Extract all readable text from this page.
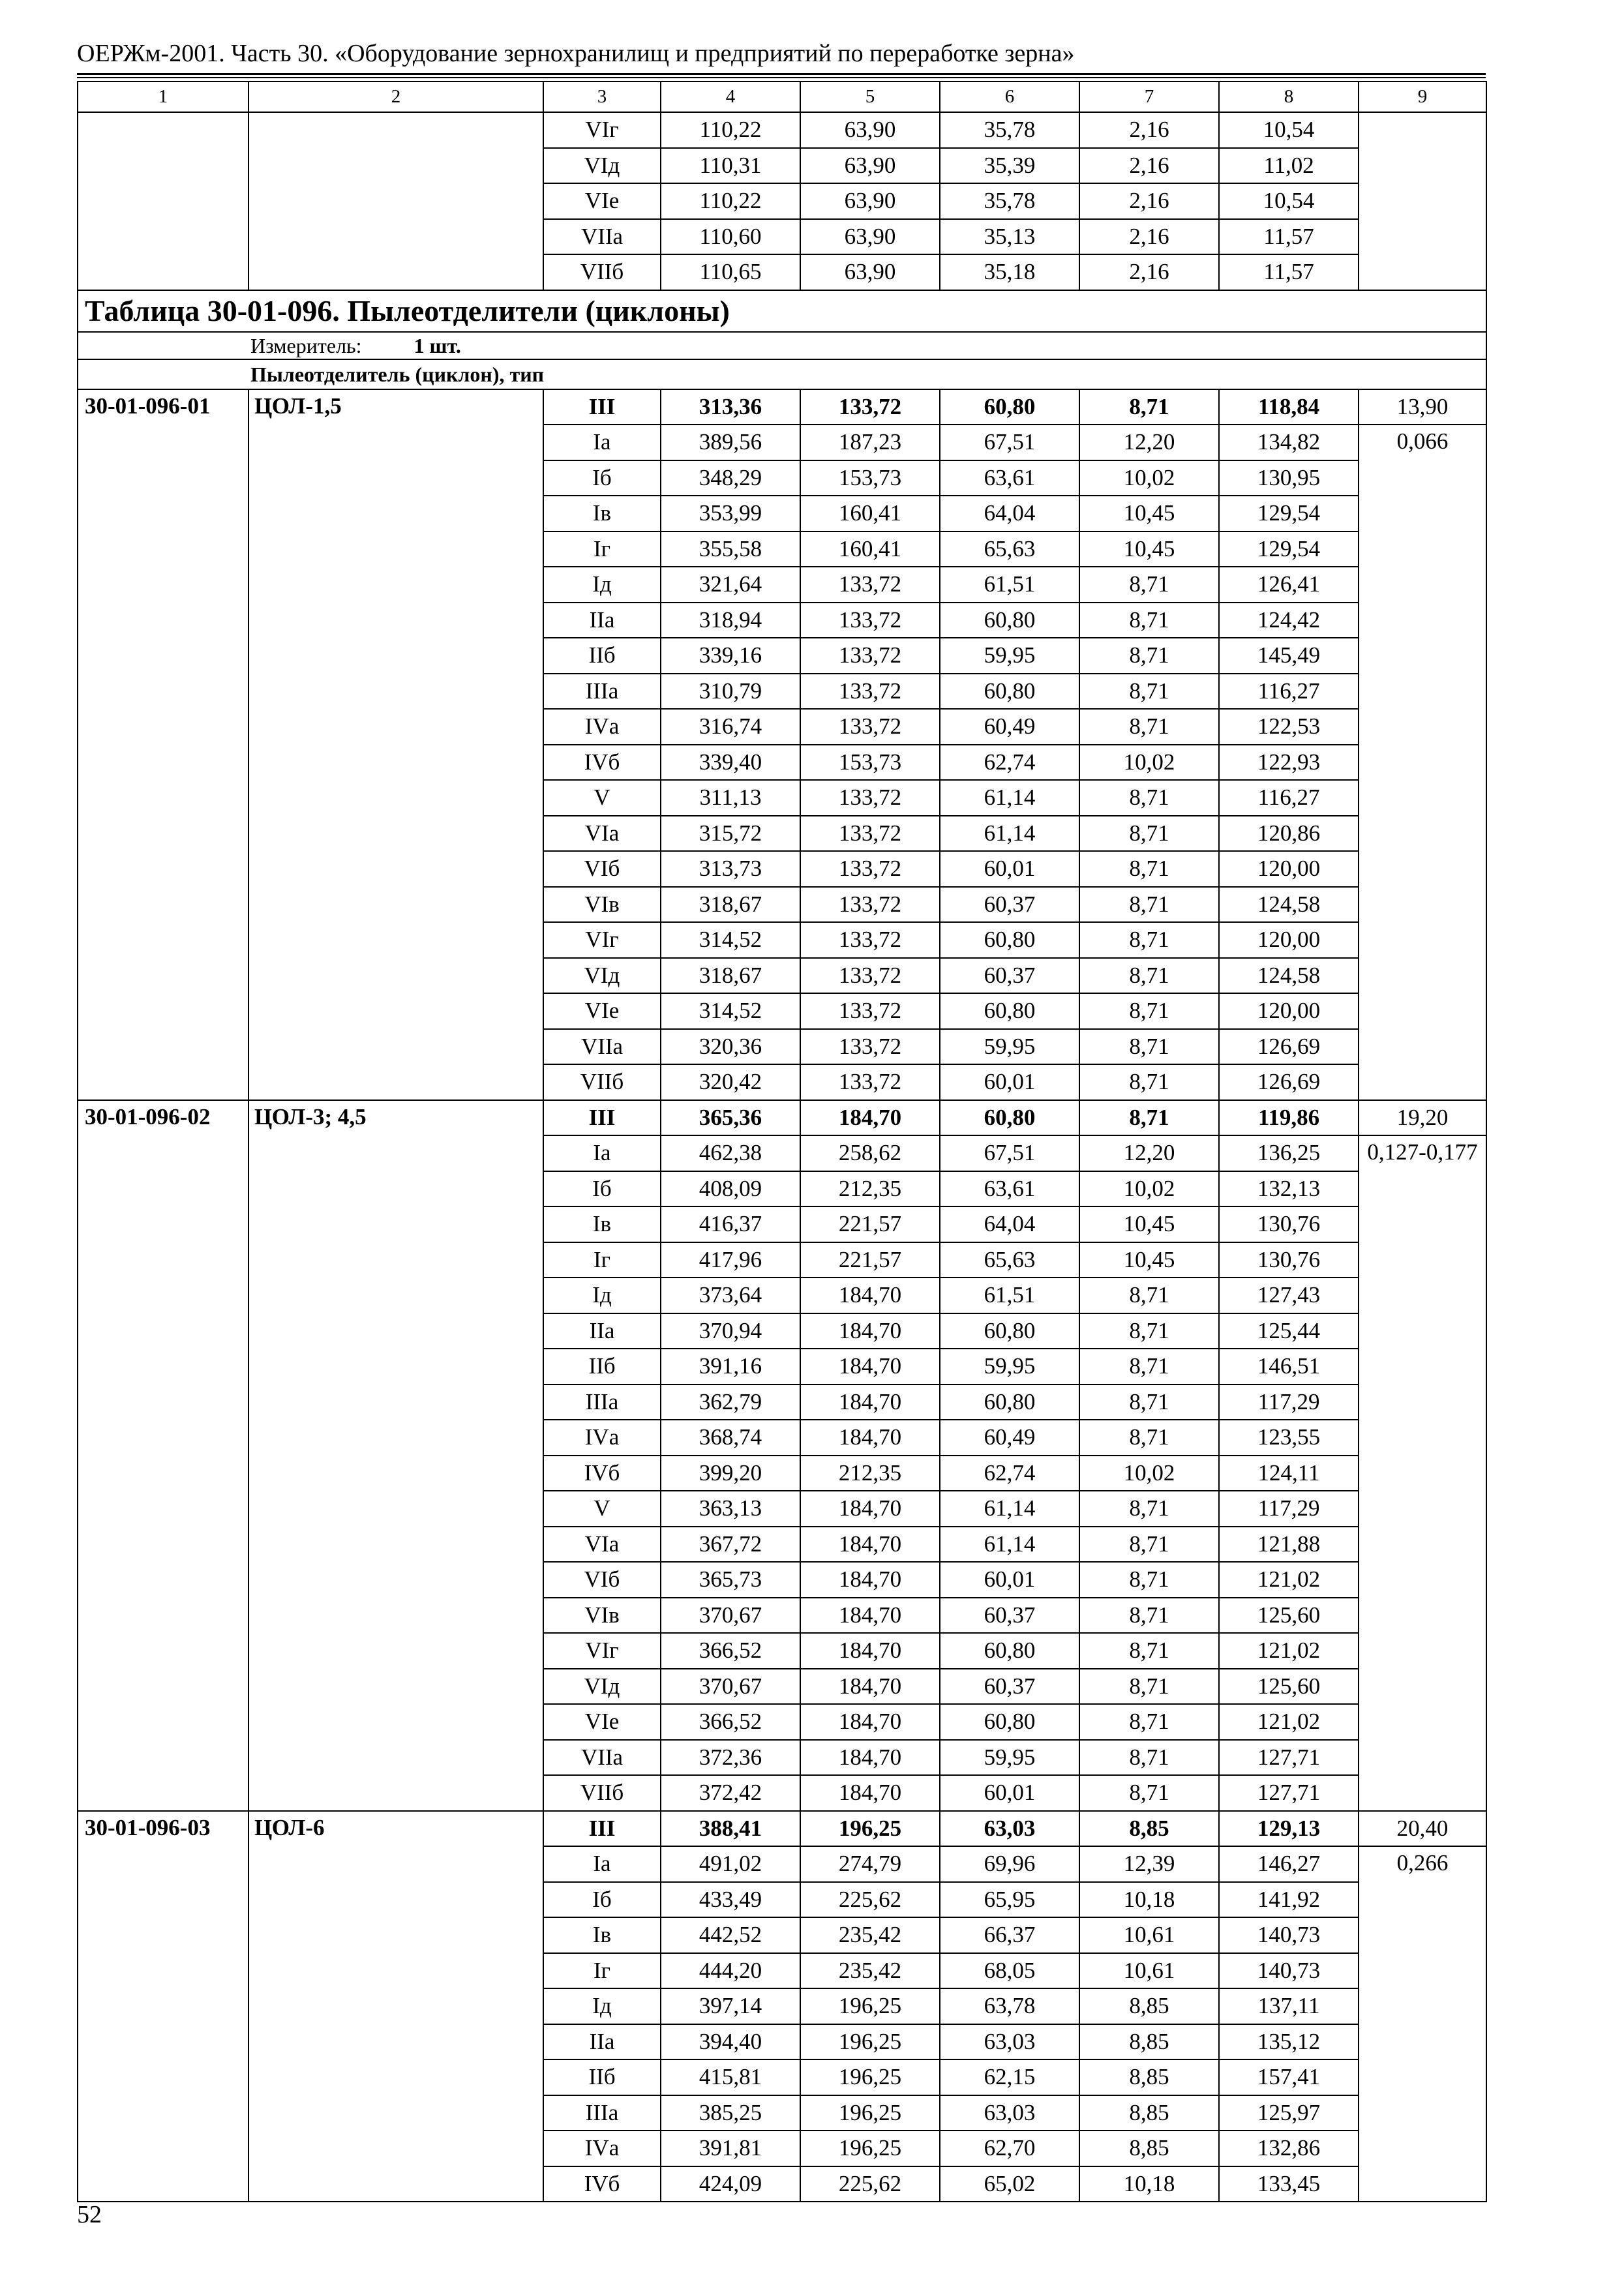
ОЕРЖм-2001. Часть 30. «Оборудование зернохранилищ и предприятий по переработке зерна»
1	2	3	4	5	6	7	8	9
		VIг	110,22	63,90	35,78	2,16	10,54	
		VIд	110,31	63,90	35,39	2,16	11,02	
		VIе	110,22	63,90	35,78	2,16	10,54	
		VIIа	110,60	63,90	35,13	2,16	11,57	
		VIIб	110,65	63,90	35,18	2,16	11,57	
Таблица 30-01-096. Пылеотделители (циклоны)								
Измеритель: 1 шт.								
Пылеотделитель (циклон), тип								
30-01-096-01	ЦОЛ-1,5	III	313,36	133,72	60,80	8,71	118,84	13,90
		Iа	389,56	187,23	67,51	12,20	134,82	0,066
		Iб	348,29	153,73	63,61	10,02	130,95	
		Iв	353,99	160,41	64,04	10,45	129,54	
		Iг	355,58	160,41	65,63	10,45	129,54	
		Iд	321,64	133,72	61,51	8,71	126,41	
		IIа	318,94	133,72	60,80	8,71	124,42	
		IIб	339,16	133,72	59,95	8,71	145,49	
		IIIа	310,79	133,72	60,80	8,71	116,27	
		IVа	316,74	133,72	60,49	8,71	122,53	
		IVб	339,40	153,73	62,74	10,02	122,93	
		V	311,13	133,72	61,14	8,71	116,27	
		VIа	315,72	133,72	61,14	8,71	120,86	
		VIб	313,73	133,72	60,01	8,71	120,00	
		VIв	318,67	133,72	60,37	8,71	124,58	
		VIг	314,52	133,72	60,80	8,71	120,00	
		VIд	318,67	133,72	60,37	8,71	124,58	
		VIе	314,52	133,72	60,80	8,71	120,00	
		VIIа	320,36	133,72	59,95	8,71	126,69	
		VIIб	320,42	133,72	60,01	8,71	126,69	
30-01-096-02	ЦОЛ-3; 4,5	III	365,36	184,70	60,80	8,71	119,86	19,20
		Iа	462,38	258,62	67,51	12,20	136,25	0,127-0,177
		Iб	408,09	212,35	63,61	10,02	132,13	
		Iв	416,37	221,57	64,04	10,45	130,76	
		Iг	417,96	221,57	65,63	10,45	130,76	
		Iд	373,64	184,70	61,51	8,71	127,43	
		IIа	370,94	184,70	60,80	8,71	125,44	
		IIб	391,16	184,70	59,95	8,71	146,51	
		IIIа	362,79	184,70	60,80	8,71	117,29	
		IVа	368,74	184,70	60,49	8,71	123,55	
		IVб	399,20	212,35	62,74	10,02	124,11	
		V	363,13	184,70	61,14	8,71	117,29	
		VIа	367,72	184,70	61,14	8,71	121,88	
		VIб	365,73	184,70	60,01	8,71	121,02	
		VIв	370,67	184,70	60,37	8,71	125,60	
		VIг	366,52	184,70	60,80	8,71	121,02	
		VIд	370,67	184,70	60,37	8,71	125,60	
		VIе	366,52	184,70	60,80	8,71	121,02	
		VIIа	372,36	184,70	59,95	8,71	127,71	
		VIIб	372,42	184,70	60,01	8,71	127,71	
30-01-096-03	ЦОЛ-6	III	388,41	196,25	63,03	8,85	129,13	20,40
		Iа	491,02	274,79	69,96	12,39	146,27	0,266
		Iб	433,49	225,62	65,95	10,18	141,92	
		Iв	442,52	235,42	66,37	10,61	140,73	
		Iг	444,20	235,42	68,05	10,61	140,73	
		Iд	397,14	196,25	63,78	8,85	137,11	
		IIа	394,40	196,25	63,03	8,85	135,12	
		IIб	415,81	196,25	62,15	8,85	157,41	
		IIIа	385,25	196,25	63,03	8,85	125,97	
		IVа	391,81	196,25	62,70	8,85	132,86	
		IVб	424,09	225,62	65,02	10,18	133,45	
52
